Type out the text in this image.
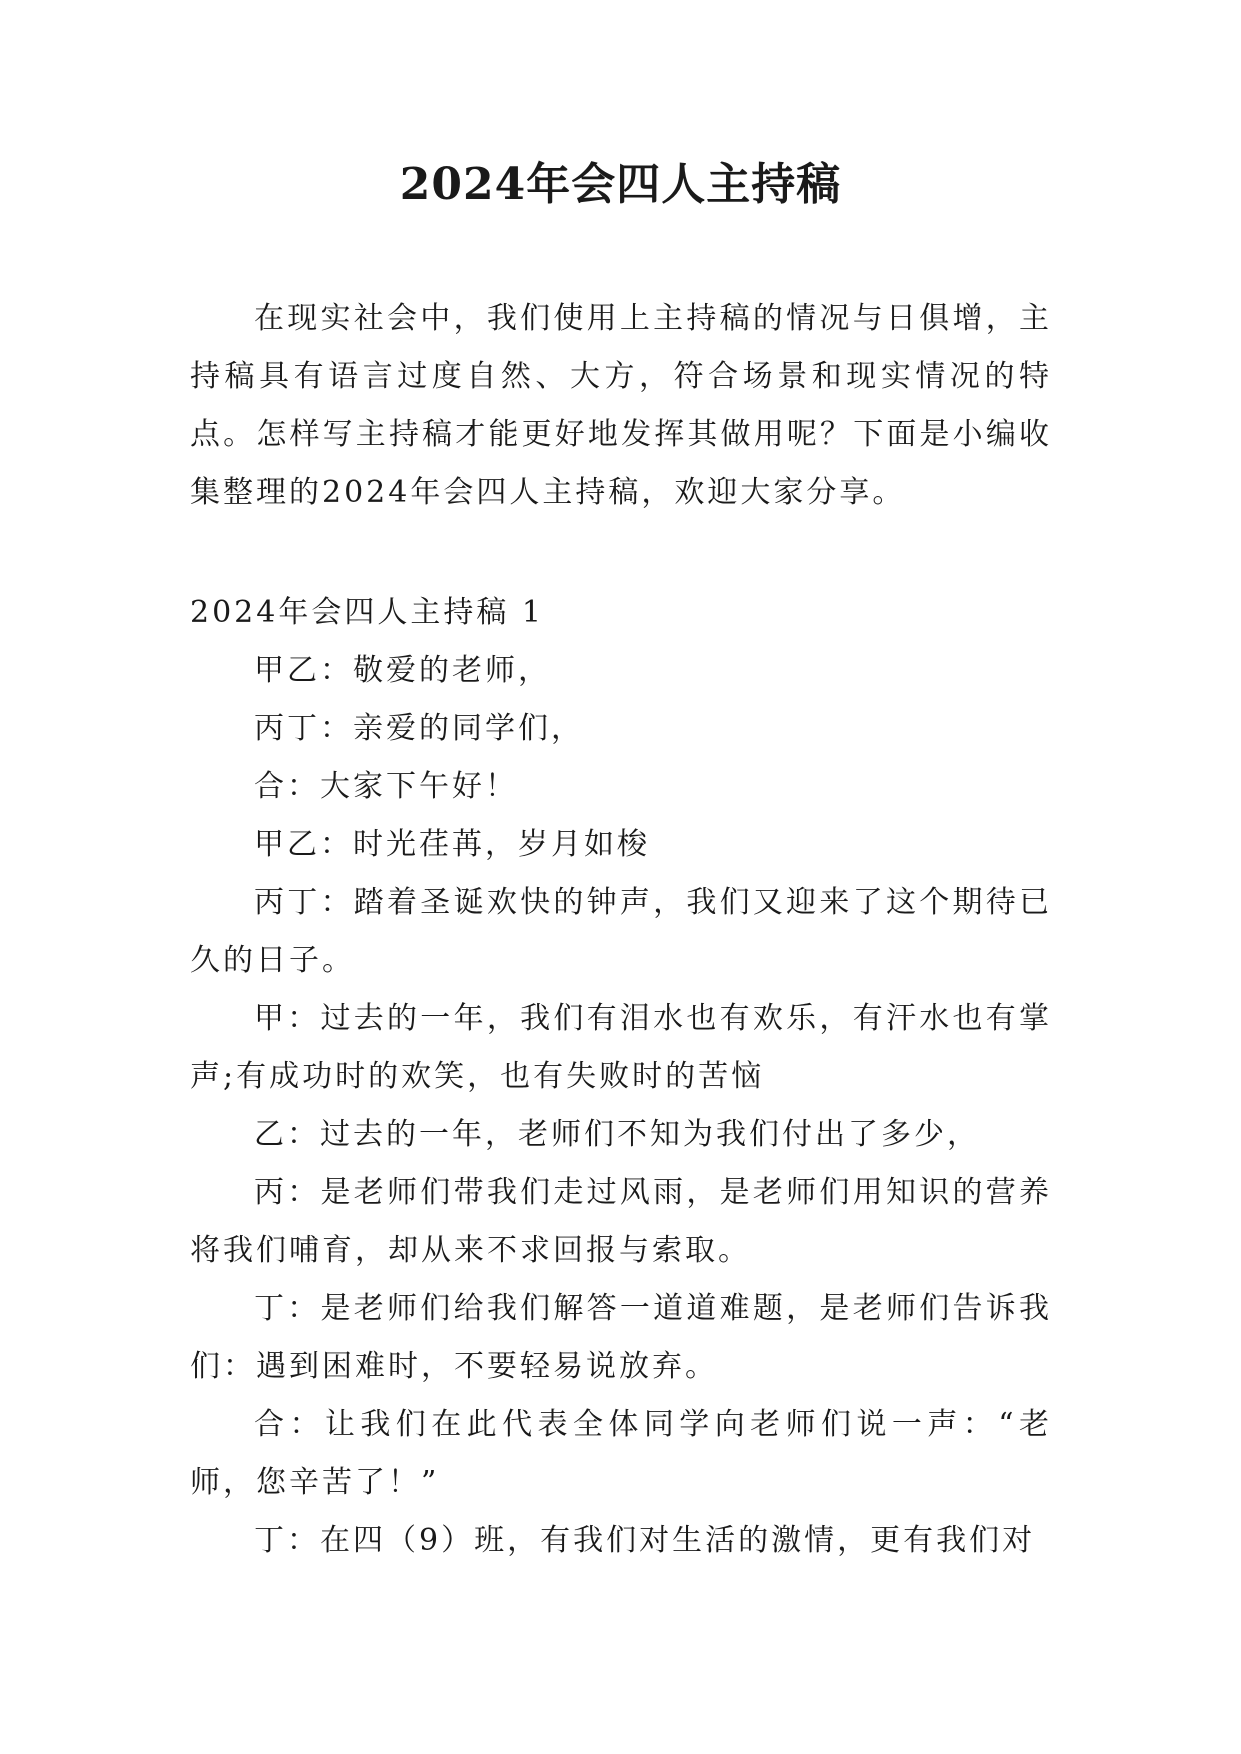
2024年会四人主持稿

在现实社会中，我们使用上主持稿的情况与日俱增，主持稿具有语言过度自然、大方，符合场景和现实情况的特点。怎样写主持稿才能更好地发挥其做用呢？下面是小编收集整理的2024年会四人主持稿，欢迎大家分享。

2024年会四人主持稿 1

甲乙：敬爱的老师，

丙丁：亲爱的同学们，

合：大家下午好！

甲乙：时光荏苒，岁月如梭

丙丁：踏着圣诞欢快的钟声，我们又迎来了这个期待已久的日子。

甲：过去的一年，我们有泪水也有欢乐，有汗水也有掌声;有成功时的欢笑，也有失败时的苦恼

乙：过去的一年，老师们不知为我们付出了多少，

丙：是老师们带我们走过风雨，是老师们用知识的营养将我们哺育，却从来不求回报与索取。

丁：是老师们给我们解答一道道难题，是老师们告诉我们：遇到困难时，不要轻易说放弃。

合：让我们在此代表全体同学向老师们说一声：“老师，您辛苦了！”

丁：在四（9）班，有我们对生活的激情，更有我们对
